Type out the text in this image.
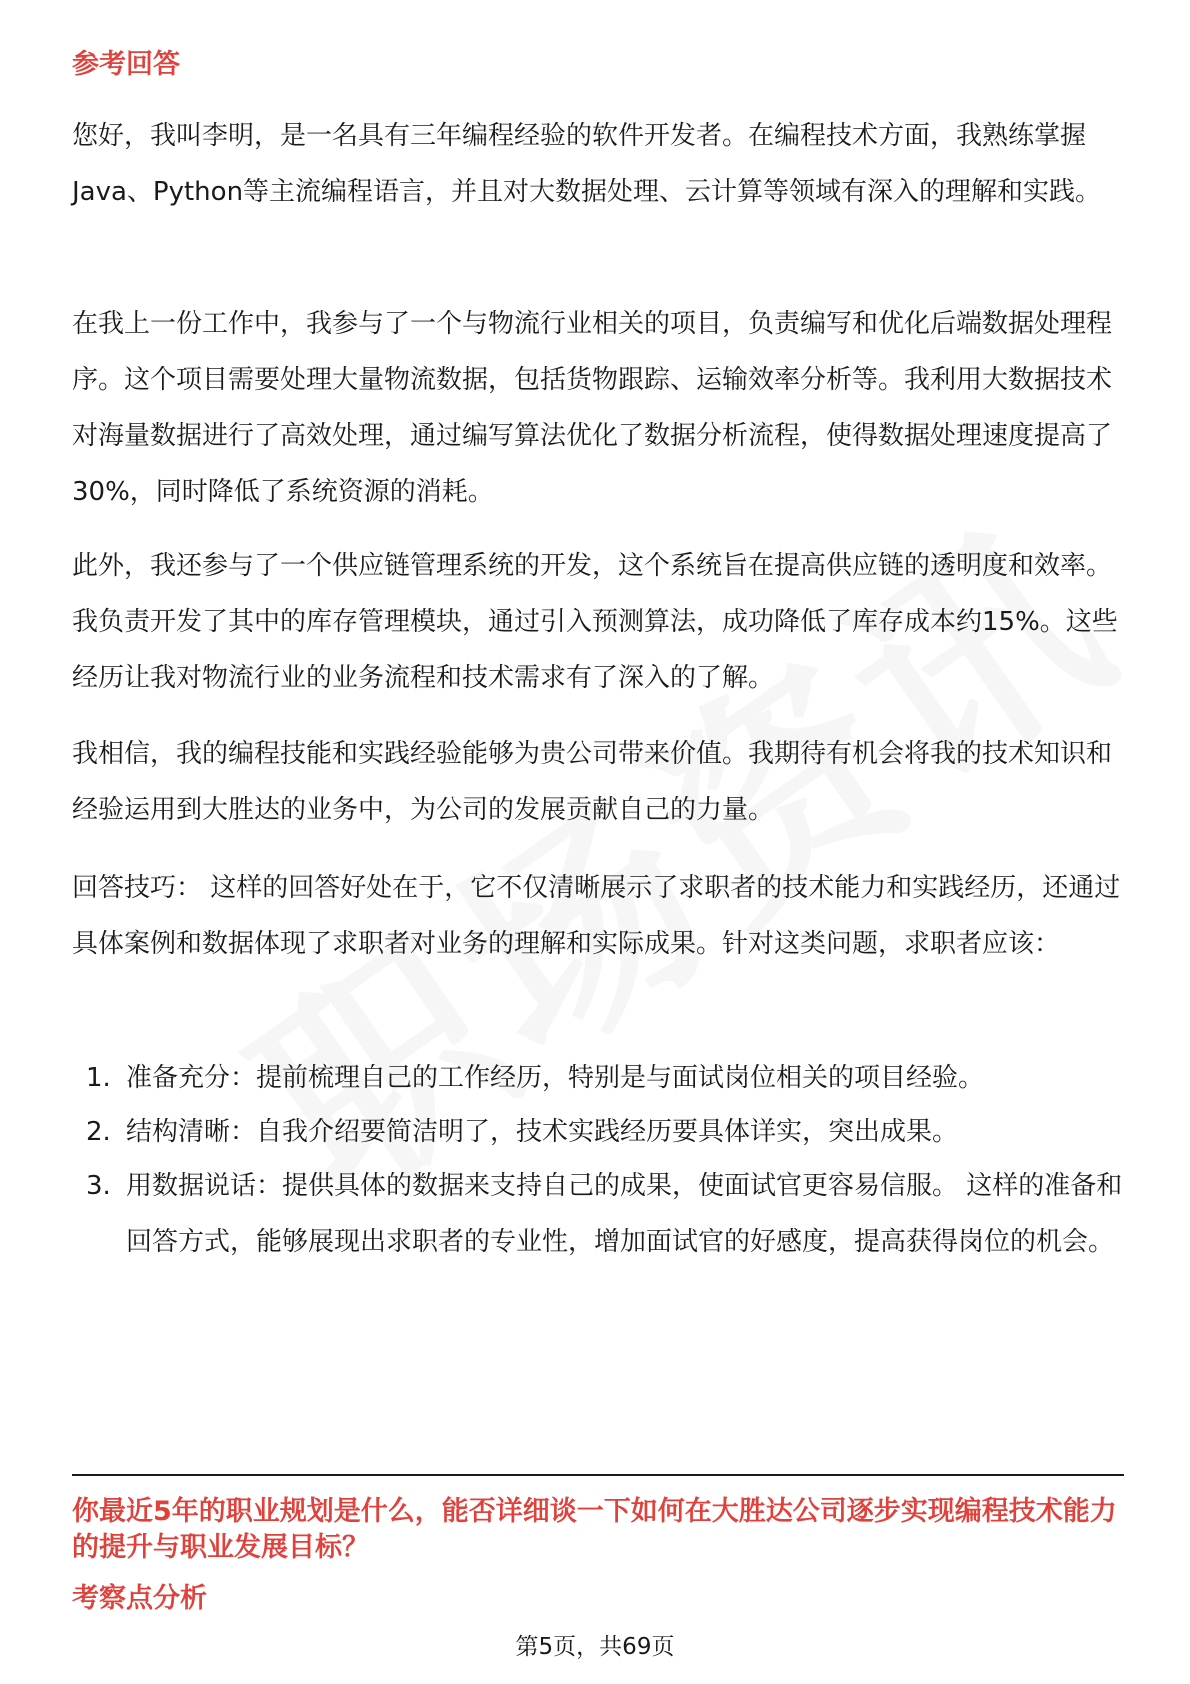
参考回答
您好，我叫李明，是一名具有三年编程经验的软件开发者。在编程技术方面，我熟练掌握Java、Python等主流编程语言，并且对大数据处理、云计算等领域有深入的理解和实践。
在我上一份工作中，我参与了一个与物流行业相关的项目，负责编写和优化后端数据处理程序。这个项目需要处理大量物流数据，包括货物跟踪、运输效率分析等。我利用大数据技术对海量数据进行了高效处理，通过编写算法优化了数据分析流程，使得数据处理速度提高了30%，同时降低了系统资源的消耗。
此外，我还参与了一个供应链管理系统的开发，这个系统旨在提高供应链的透明度和效率。我负责开发了其中的库存管理模块，通过引入预测算法，成功降低了库存成本约15%。这些经历让我对物流行业的业务流程和技术需求有了深入的了解。
我相信，我的编程技能和实践经验能够为贵公司带来价值。我期待有机会将我的技术知识和经验运用到大胜达的业务中，为公司的发展贡献自己的力量。
回答技巧： 这样的回答好处在于，它不仅清晰展示了求职者的技术能力和实践经历，还通过具体案例和数据体现了求职者对业务的理解和实际成果。针对这类问题，求职者应该：
1. 准备充分：提前梳理自己的工作经历，特别是与面试岗位相关的项目经验。
2. 结构清晰：自我介绍要简洁明了，技术实践经历要具体详实，突出成果。
3. 用数据说话：提供具体的数据来支持自己的成果，使面试官更容易信服。 这样的准备和回答方式，能够展现出求职者的专业性，增加面试官的好感度，提高获得岗位的机会。
你最近5年的职业规划是什么，能否详细谈一下如何在大胜达公司逐步实现编程技术能力的提升与职业发展目标？
考察点分析
第5页，共69页
